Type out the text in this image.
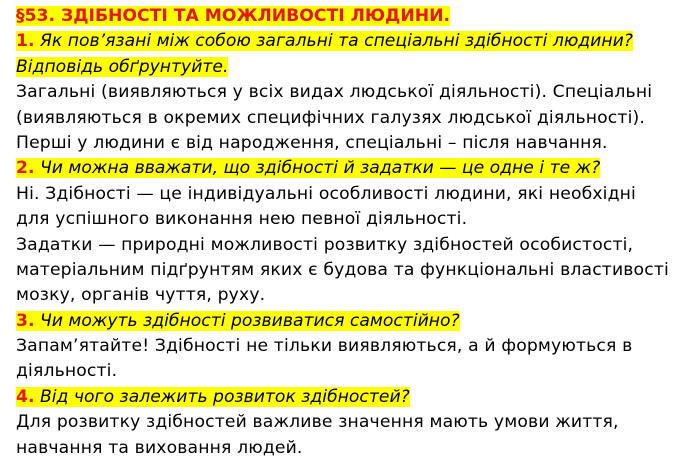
§53. ЗДІБНОСТІ ТА МОЖЛИВОСТІ ЛЮДИНИ.
1. Як пов’язані між собою загальні та спеціальні здібності людини?
Відповідь обґрунтуйте.
Загальні (виявляються у всіх видах людської діяльності). Спеціальні
(виявляються в окремих специфічних галузях людської діяльності).
Перші у людини є від народження, спеціальні – після навчання.
2. Чи можна вважати, що здібності й задатки — це одне і те ж?
Ні. Здібності — це індивідуальні особливості людини, які необхідні
для успішного виконання нею певної діяльності.
Задатки — природні можливості розвитку здібностей особистості,
матеріальним підґрунтям яких є будова та функціональні властивості
мозку, органів чуття, руху.
3. Чи можуть здібності розвиватися самостійно?
Запам’ятайте! Здібності не тільки виявляються, а й формуються в
діяльності.
4. Від чого залежить розвиток здібностей?
Для розвитку здібностей важливе значення мають умови життя,
навчання та виховання людей.
